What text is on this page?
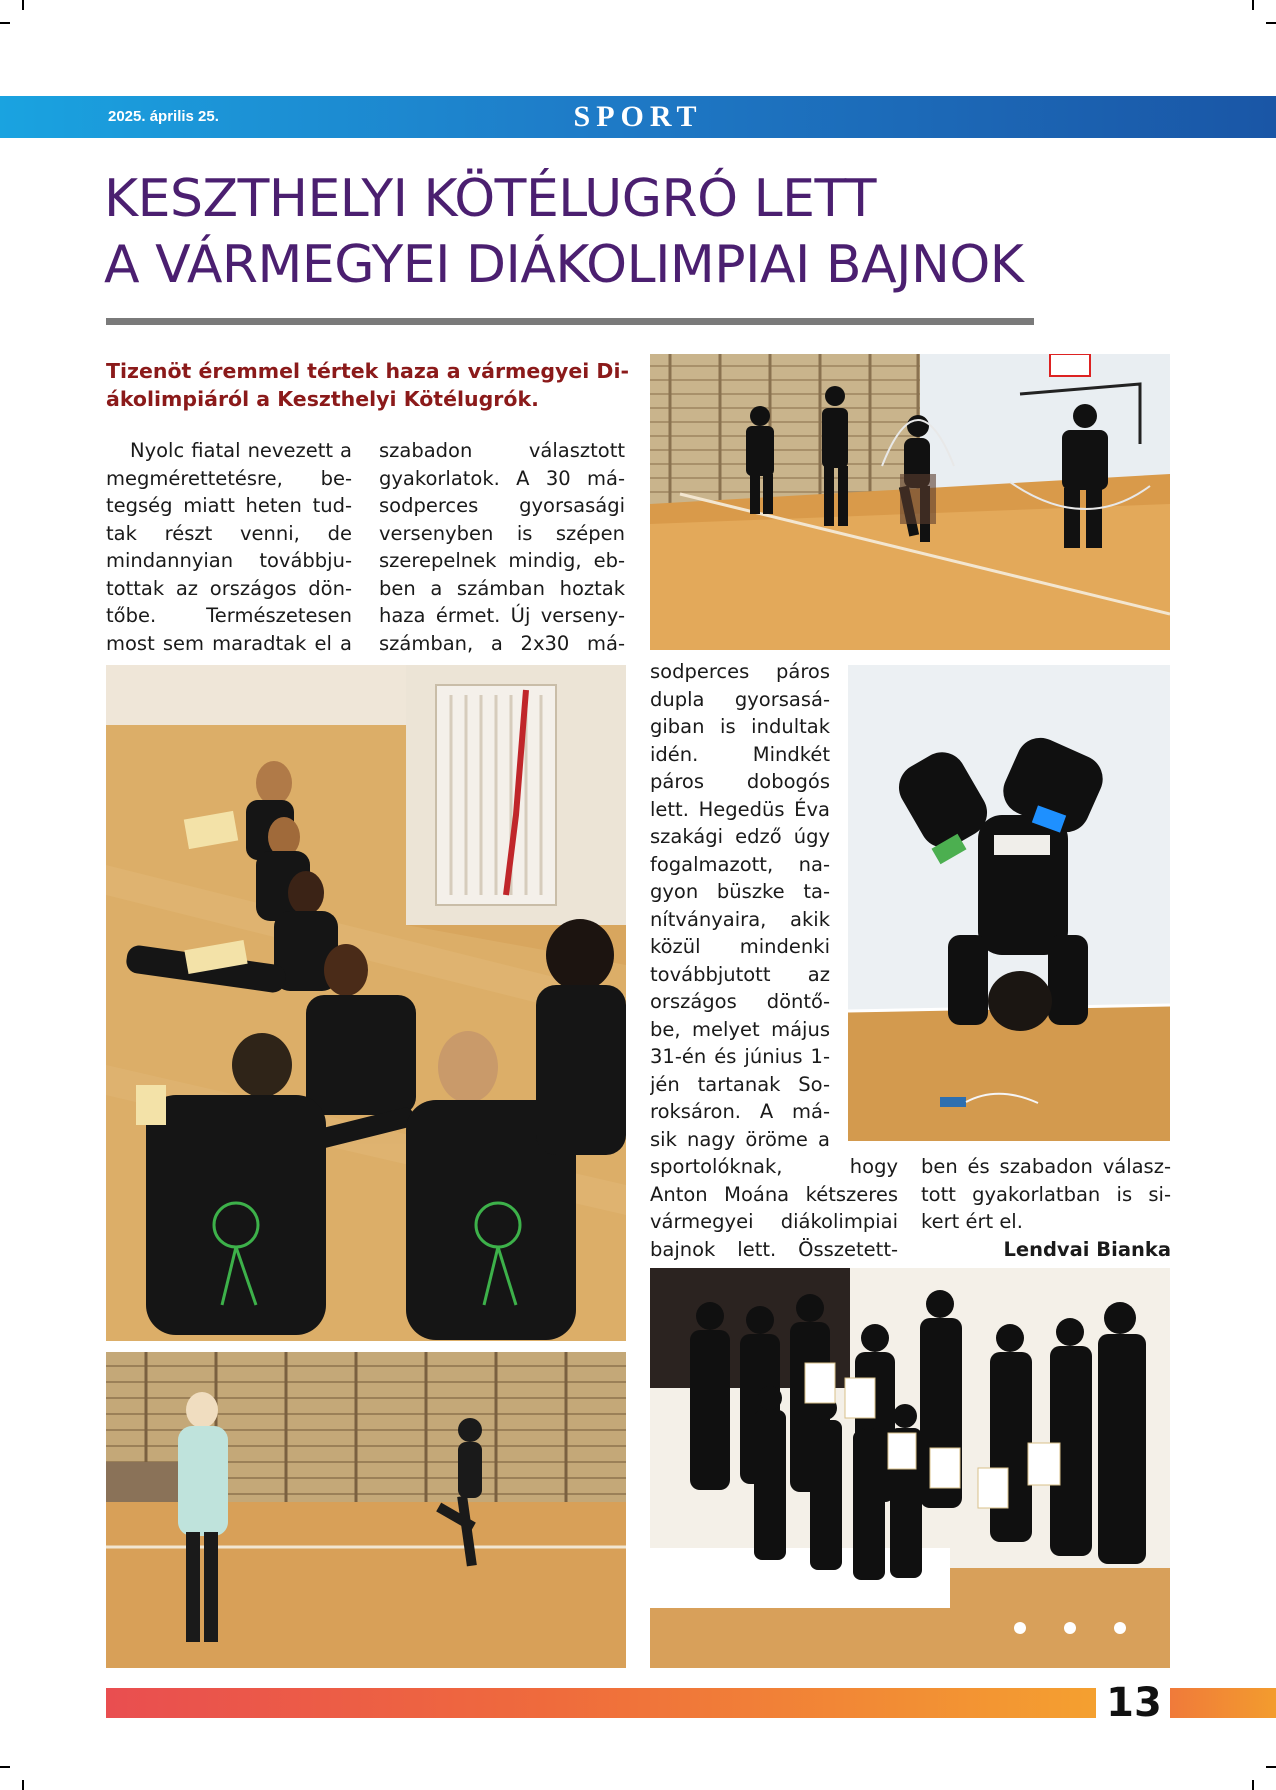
2025. április 25.	SPORT
KESZTHELYI KÖTÉLUGRÓ LETT
A VÁRMEGYEI DIÁKOLIMPIAI BAJNOK

Tizenöt éremmel tértek haza a vármegyei Di-
ákolimpiáról a Keszthelyi Kötélugrók.

Nyolc fiatal nevezett a
megmérettetésre, be-
tegség miatt heten tud-
tak részt venni, de
mindannyian továbbju-
tottak az országos dön-
tőbe. Természetesen
most sem maradtak el a
szabadon választott
gyakorlatok. A 30 má-
sodperces gyorsasági
versenyben is szépen
szerepelnek mindig, eb-
ben a számban hoztak
haza érmet. Új verseny-
számban, a 2x30 má-
sodperces páros
dupla gyorsasá-
giban is indultak
idén. Mindkét
páros dobogós
lett. Hegedüs Éva
szakági edző úgy
fogalmazott, na-
gyon büszke ta-
nítványaira, akik
közül mindenki
továbbjutott az
országos döntő-
be, melyet május
31-én és június 1-
jén tartanak So-
roksáron. A má-
sik nagy öröme a
sportolóknak, hogy
Anton Moána kétszeres
vármegyei diákolimpiai
bajnok lett. Összetett-
ben és szabadon válasz-
tott gyakorlatban is si-
kert ért el.
Lendvai Bianka
13
